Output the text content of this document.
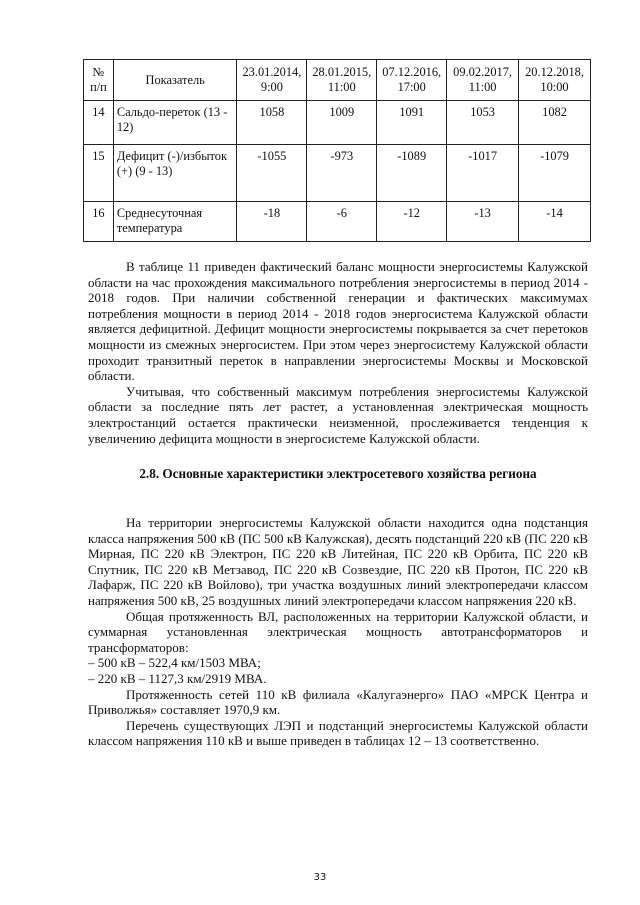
№ п/п	Показатель	23.01.2014, 9:00	28.01.2015, 11:00	07.12.2016, 17:00	09.02.2017, 11:00	20.12.2018, 10:00
14	Сальдо-переток (13 - 12)	1058	1009	1091	1053	1082
15	Дефицит (-)/избыток (+) (9 - 13)	-1055	-973	-1089	-1017	-1079
16	Среднесуточная температура	-18	-6	-12	-13	-14

В таблице 11 приведен фактический баланс мощности энергосистемы Калужской области на час прохождения максимального потребления энергосистемы в период 2014 - 2018 годов. При наличии собственной генерации и фактических максимумах потребления мощности в период 2014 - 2018 годов энергосистема Калужской области является дефицитной. Дефицит мощности энергосистемы покрывается за счет перетоков мощности из смежных энергосистем. При этом через энергосистему Калужской области проходит транзитный переток в направлении энергосистемы Москвы и Московской области.

Учитывая, что собственный максимум потребления энергосистемы Калужской области за последние пять лет растет, а установленная электрическая мощность электростанций остается практически неизменной, прослеживается тенденция к увеличению дефицита мощности в энергосистеме Калужской области.

2.8. Основные характеристики электросетевого хозяйства региона

На территории энергосистемы Калужской области находится одна подстанция класса напряжения 500 кВ (ПС 500 кВ Калужская), десять подстанций 220 кВ (ПС 220 кВ Мирная, ПС 220 кВ Электрон, ПС 220 кВ Литейная, ПС 220 кВ Орбита, ПС 220 кВ Спутник, ПС 220 кВ Метзавод, ПС 220 кВ Созвездие, ПС 220 кВ Протон, ПС 220 кВ Лафарж, ПС 220 кВ Войлово), три участка воздушных линий электропередачи классом напряжения 500 кВ, 25 воздушных линий электропередачи классом напряжения 220 кВ.

Общая протяженность ВЛ, расположенных на территории Калужской области, и суммарная установленная электрическая мощность автотрансформаторов и трансформаторов:

– 500 кВ – 522,4 км/1503 МВА;

– 220 кВ – 1127,3 км/2919 МВА.

Протяженность сетей 110 кВ филиала «Калугаэнерго» ПАО «МРСК Центра и Приволжья» составляет 1970,9 км.

Перечень существующих ЛЭП и подстанций энергосистемы Калужской области классом напряжения 110 кВ и выше приведен в таблицах 12 – 13 соответственно.

33
